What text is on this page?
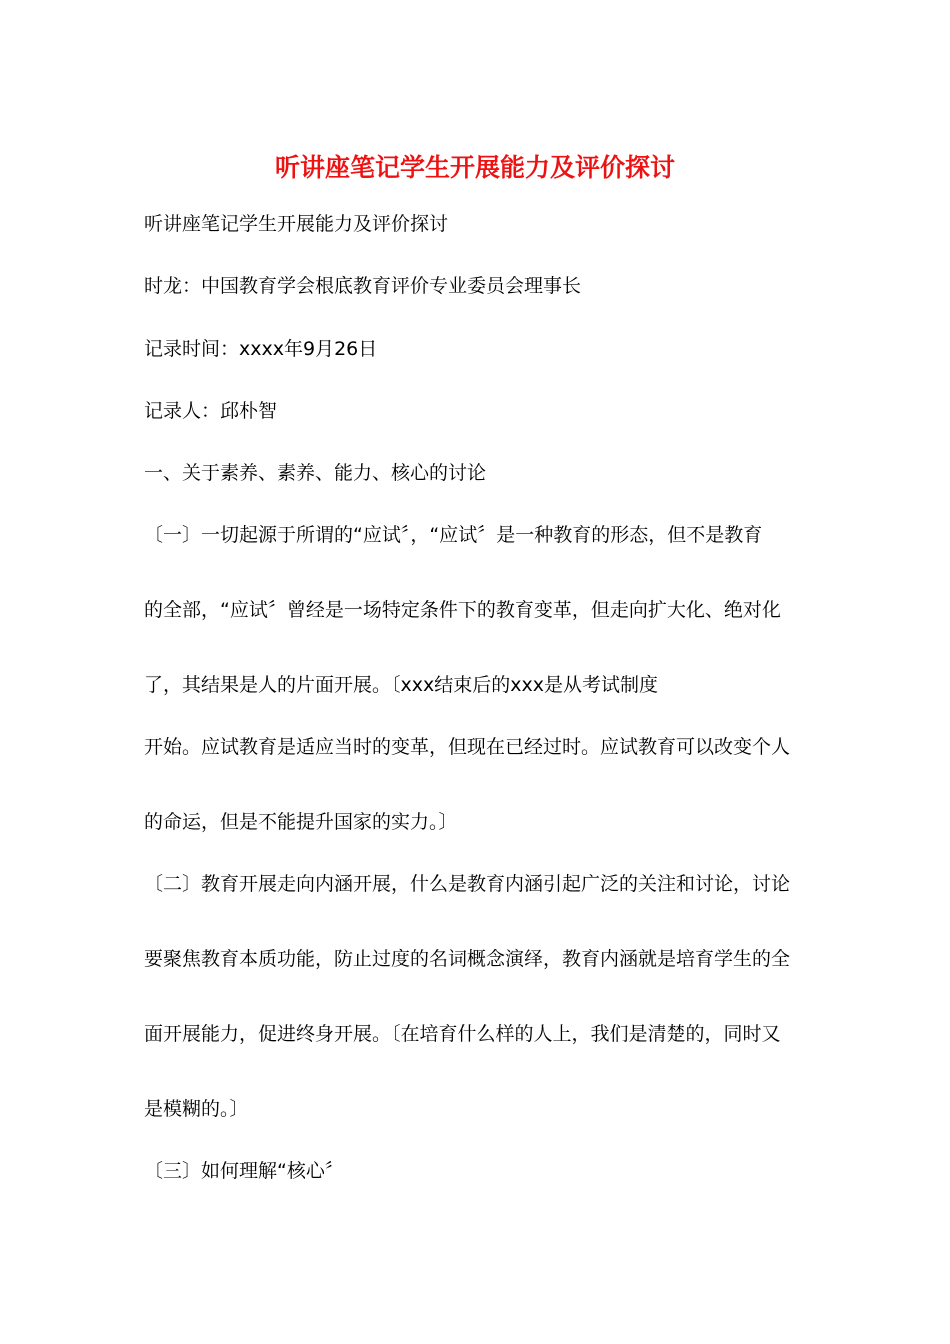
听讲座笔记学生开展能力及评价探讨
听讲座笔记学生开展能力及评价探讨
时龙：中国教育学会根底教育评价专业委员会理事长
记录时间：xxxx年9月26日
记录人：邱朴智
一、关于素养、素养、能力、核心的讨论
〔一〕一切起源于所谓的“应试〞，“应试〞是一种教育的形态，但不是教育
的全部，“应试〞曾经是一场特定条件下的教育变革，但走向扩大化、绝对化
了，其结果是人的片面开展。〔xxx结束后的xxx是从考试制度
开始。应试教育是适应当时的变革，但现在已经过时。应试教育可以改变个人
的命运，但是不能提升国家的实力。〕
〔二〕教育开展走向内涵开展，什么是教育内涵引起广泛的关注和讨论，讨论
要聚焦教育本质功能，防止过度的名词概念演绎，教育内涵就是培育学生的全
面开展能力，促进终身开展。〔在培育什么样的人上，我们是清楚的，同时又
是模糊的。〕
〔三〕如何理解“核心〞
